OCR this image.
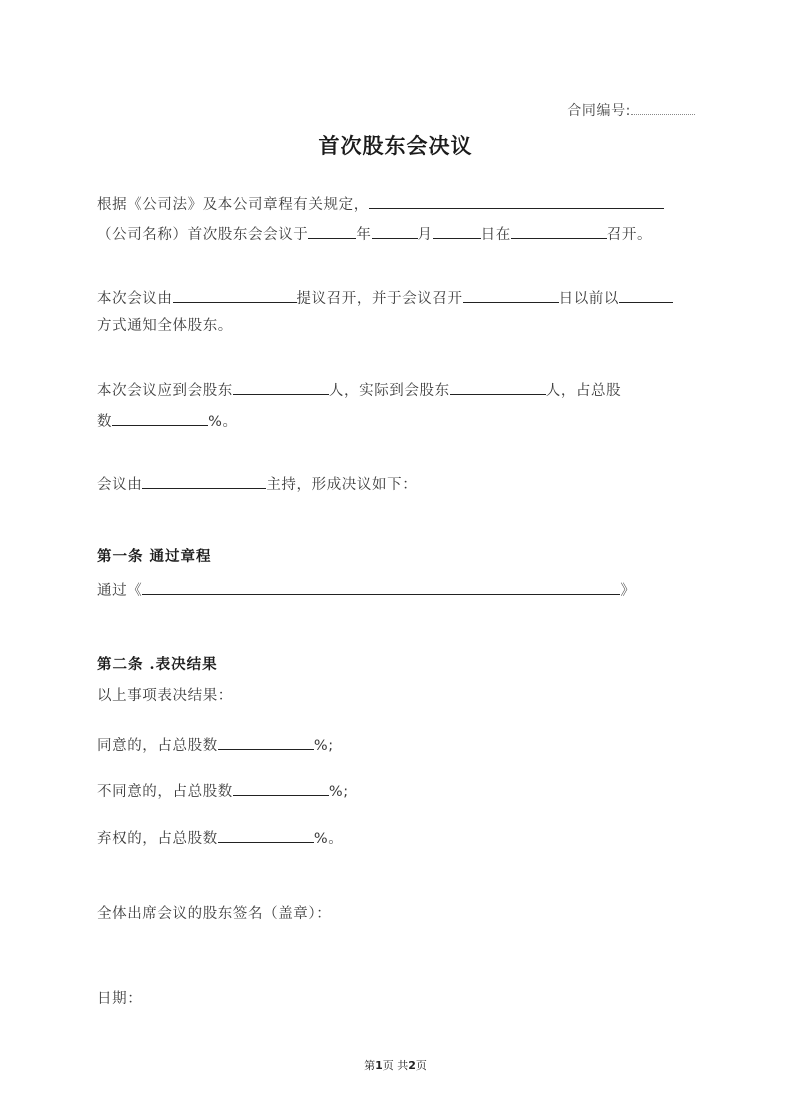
合同编号:
首次股东会决议
根据《公司法》及本公司章程有关规定，
（公司名称）首次股东会会议于	年	月	日在	召开。
本次会议由	提议召开，并于会议召开	日以前以
方式通知全体股东。
本次会议应到会股东	人，实际到会股东	人，占总股
数	%。
会议由	主持，形成决议如下：
第一条 通过章程
通过《	》
第二条 .表决结果
以上事项表决结果：
同意的，占总股数	%;
不同意的，占总股数	%;
弃权的，占总股数	%。
全体出席会议的股东签名（盖章）：
日期：
第1页 共2页
